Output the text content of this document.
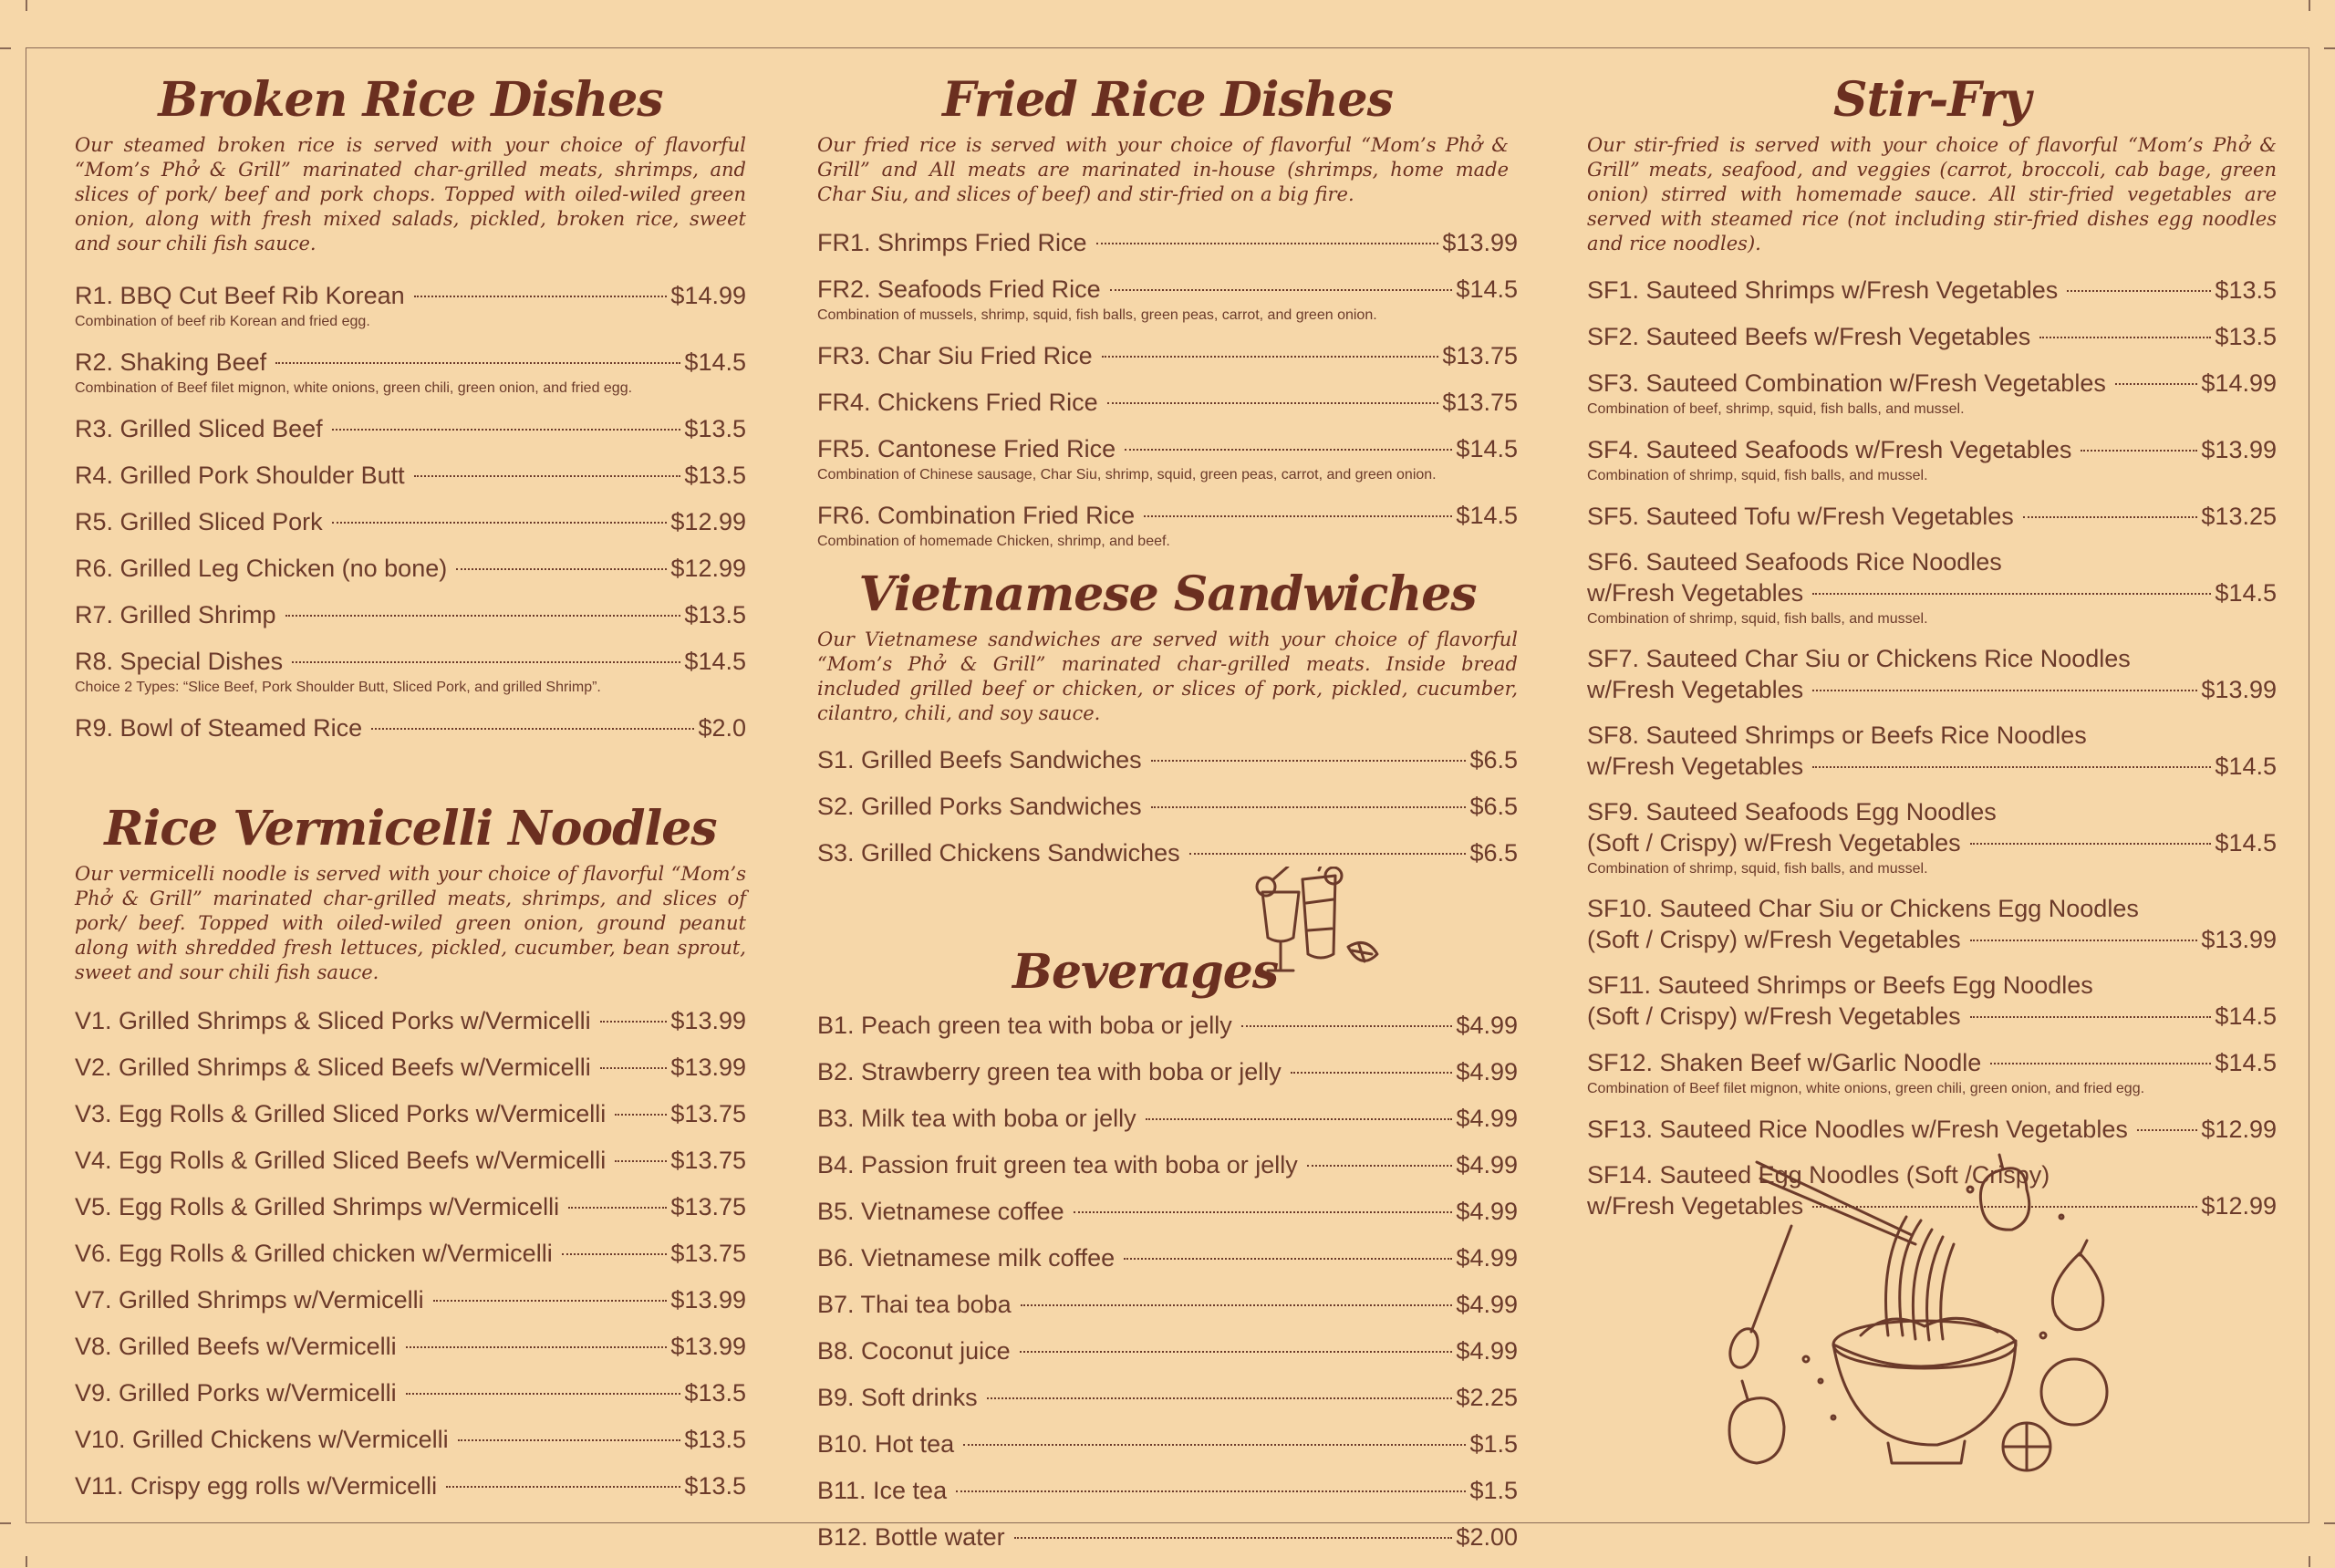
Broken Rice Dishes

Our steamed broken rice is served with your choice of flavorful “Mom’s Phở & Grill” marinated char-grilled meats, shrimps, and slices of pork/ beef and pork chops. Topped with oiled-wiled green onion, along with fresh mixed salads, pickled, broken rice, sweet and sour chili fish sauce.

R1. BBQ Cut Beef Rib Korean	$14.99
Combination of beef rib Korean and fried egg.
R2. Shaking Beef	$14.5
Combination of Beef filet mignon, white onions, green chili, green onion, and fried egg.
R3. Grilled Sliced Beef	$13.5
R4. Grilled Pork Shoulder Butt	$13.5
R5. Grilled Sliced Pork	$12.99
R6. Grilled Leg Chicken (no bone)	$12.99
R7. Grilled Shrimp	$13.5
R8. Special Dishes	$14.5
Choice 2 Types: “Slice Beef, Pork Shoulder Butt, Sliced Pork, and grilled Shrimp”.
R9. Bowl of Steamed Rice	$2.0
Rice Vermicelli Noodles

Our vermicelli noodle is served with your choice of flavorful “Mom’s Phở & Grill” marinated char-grilled meats, shrimps, and slices of pork/ beef. Topped with oiled-wiled green onion, ground peanut along with shredded fresh lettuces, pickled, cucumber, bean sprout, sweet and sour chili fish sauce.

V1. Grilled Shrimps & Sliced Porks w/Vermicelli	$13.99
V2. Grilled Shrimps & Sliced Beefs w/Vermicelli	$13.99
V3. Egg Rolls & Grilled Sliced Porks w/Vermicelli	$13.75
V4. Egg Rolls & Grilled Sliced Beefs w/Vermicelli	$13.75
V5. Egg Rolls & Grilled Shrimps w/Vermicelli	$13.75
V6. Egg Rolls & Grilled chicken w/Vermicelli	$13.75
V7. Grilled Shrimps w/Vermicelli	$13.99
V8. Grilled Beefs w/Vermicelli	$13.99
V9. Grilled Porks w/Vermicelli	$13.5
V10. Grilled Chickens w/Vermicelli	$13.5
V11. Crispy egg rolls w/Vermicelli	$13.5
Fried Rice Dishes

Our fried rice is served with your choice of flavorful “Mom’s Phở & Grill” and All meats are marinated in-house (shrimps, home made Char Siu, and slices of beef) and stir-fried on a big fire.

FR1. Shrimps Fried Rice	$13.99
FR2. Seafoods Fried Rice	$14.5
Combination of mussels, shrimp, squid, fish balls, green peas, carrot, and green onion.
FR3. Char Siu Fried Rice	$13.75
FR4. Chickens Fried Rice	$13.75
FR5. Cantonese Fried Rice	$14.5
Combination of Chinese sausage, Char Siu, shrimp, squid, green peas, carrot, and green onion.
FR6. Combination Fried Rice	$14.5
Combination of homemade Chicken, shrimp, and beef.
Vietnamese Sandwiches

Our Vietnamese sandwiches are served with your choice of flavorful “Mom’s Phở & Grill” marinated char-grilled meats. Inside bread included grilled beef or chicken, or slices of pork, pickled, cucumber, cilantro, chili, and soy sauce.

S1. Grilled Beefs Sandwiches	$6.5
S2. Grilled Porks Sandwiches	$6.5
S3. Grilled Chickens Sandwiches	$6.5
Beverages
B1. Peach green tea with boba or jelly	$4.99
B2. Strawberry green tea with boba or jelly	$4.99
B3. Milk tea with boba or jelly	$4.99
B4. Passion fruit green tea with boba or jelly	$4.99
B5. Vietnamese coffee	$4.99
B6. Vietnamese milk coffee	$4.99
B7. Thai tea boba	$4.99
B8. Coconut juice	$4.99
B9. Soft drinks	$2.25
B10. Hot tea	$1.5
B11. Ice tea	$1.5
B12. Bottle water	$2.00
Stir-Fry

Our stir-fried is served with your choice of flavorful “Mom’s Phở & Grill” meats, seafood, and veggies (carrot, broccoli, cab bage, green onion) stirred with homemade sauce. All stir-fried vegetables are served with steamed rice (not including stir-fried dishes egg noodles and rice noodles).

SF1. Sauteed Shrimps w/Fresh Vegetables	$13.5
SF2. Sauteed Beefs w/Fresh Vegetables	$13.5
SF3. Sauteed Combination w/Fresh Vegetables	$14.99
Combination of beef, shrimp, squid, fish balls, and mussel.
SF4. Sauteed Seafoods w/Fresh Vegetables	$13.99
Combination of shrimp, squid, fish balls, and mussel.
SF5. Sauteed Tofu w/Fresh Vegetables	$13.25
SF6. Sauteed Seafoods Rice Noodles
w/Fresh Vegetables	$14.5
Combination of shrimp, squid, fish balls, and mussel.
SF7. Sauteed Char Siu or Chickens Rice Noodles
w/Fresh Vegetables	$13.99
SF8. Sauteed Shrimps or Beefs Rice Noodles
w/Fresh Vegetables	$14.5
SF9. Sauteed Seafoods Egg Noodles
(Soft / Crispy) w/Fresh Vegetables	$14.5
Combination of shrimp, squid, fish balls, and mussel.
SF10. Sauteed Char Siu or Chickens Egg Noodles
(Soft / Crispy) w/Fresh Vegetables	$13.99
SF11. Sauteed Shrimps or Beefs Egg Noodles
(Soft / Crispy) w/Fresh Vegetables	$14.5
SF12. Shaken Beef w/Garlic Noodle	$14.5
Combination of Beef filet mignon, white onions, green chili, green onion, and fried egg.
SF13. Sauteed Rice Noodles w/Fresh Vegetables	$12.99
SF14. Sauteed Egg Noodles (Soft /Crispy)
w/Fresh Vegetables	$12.99
